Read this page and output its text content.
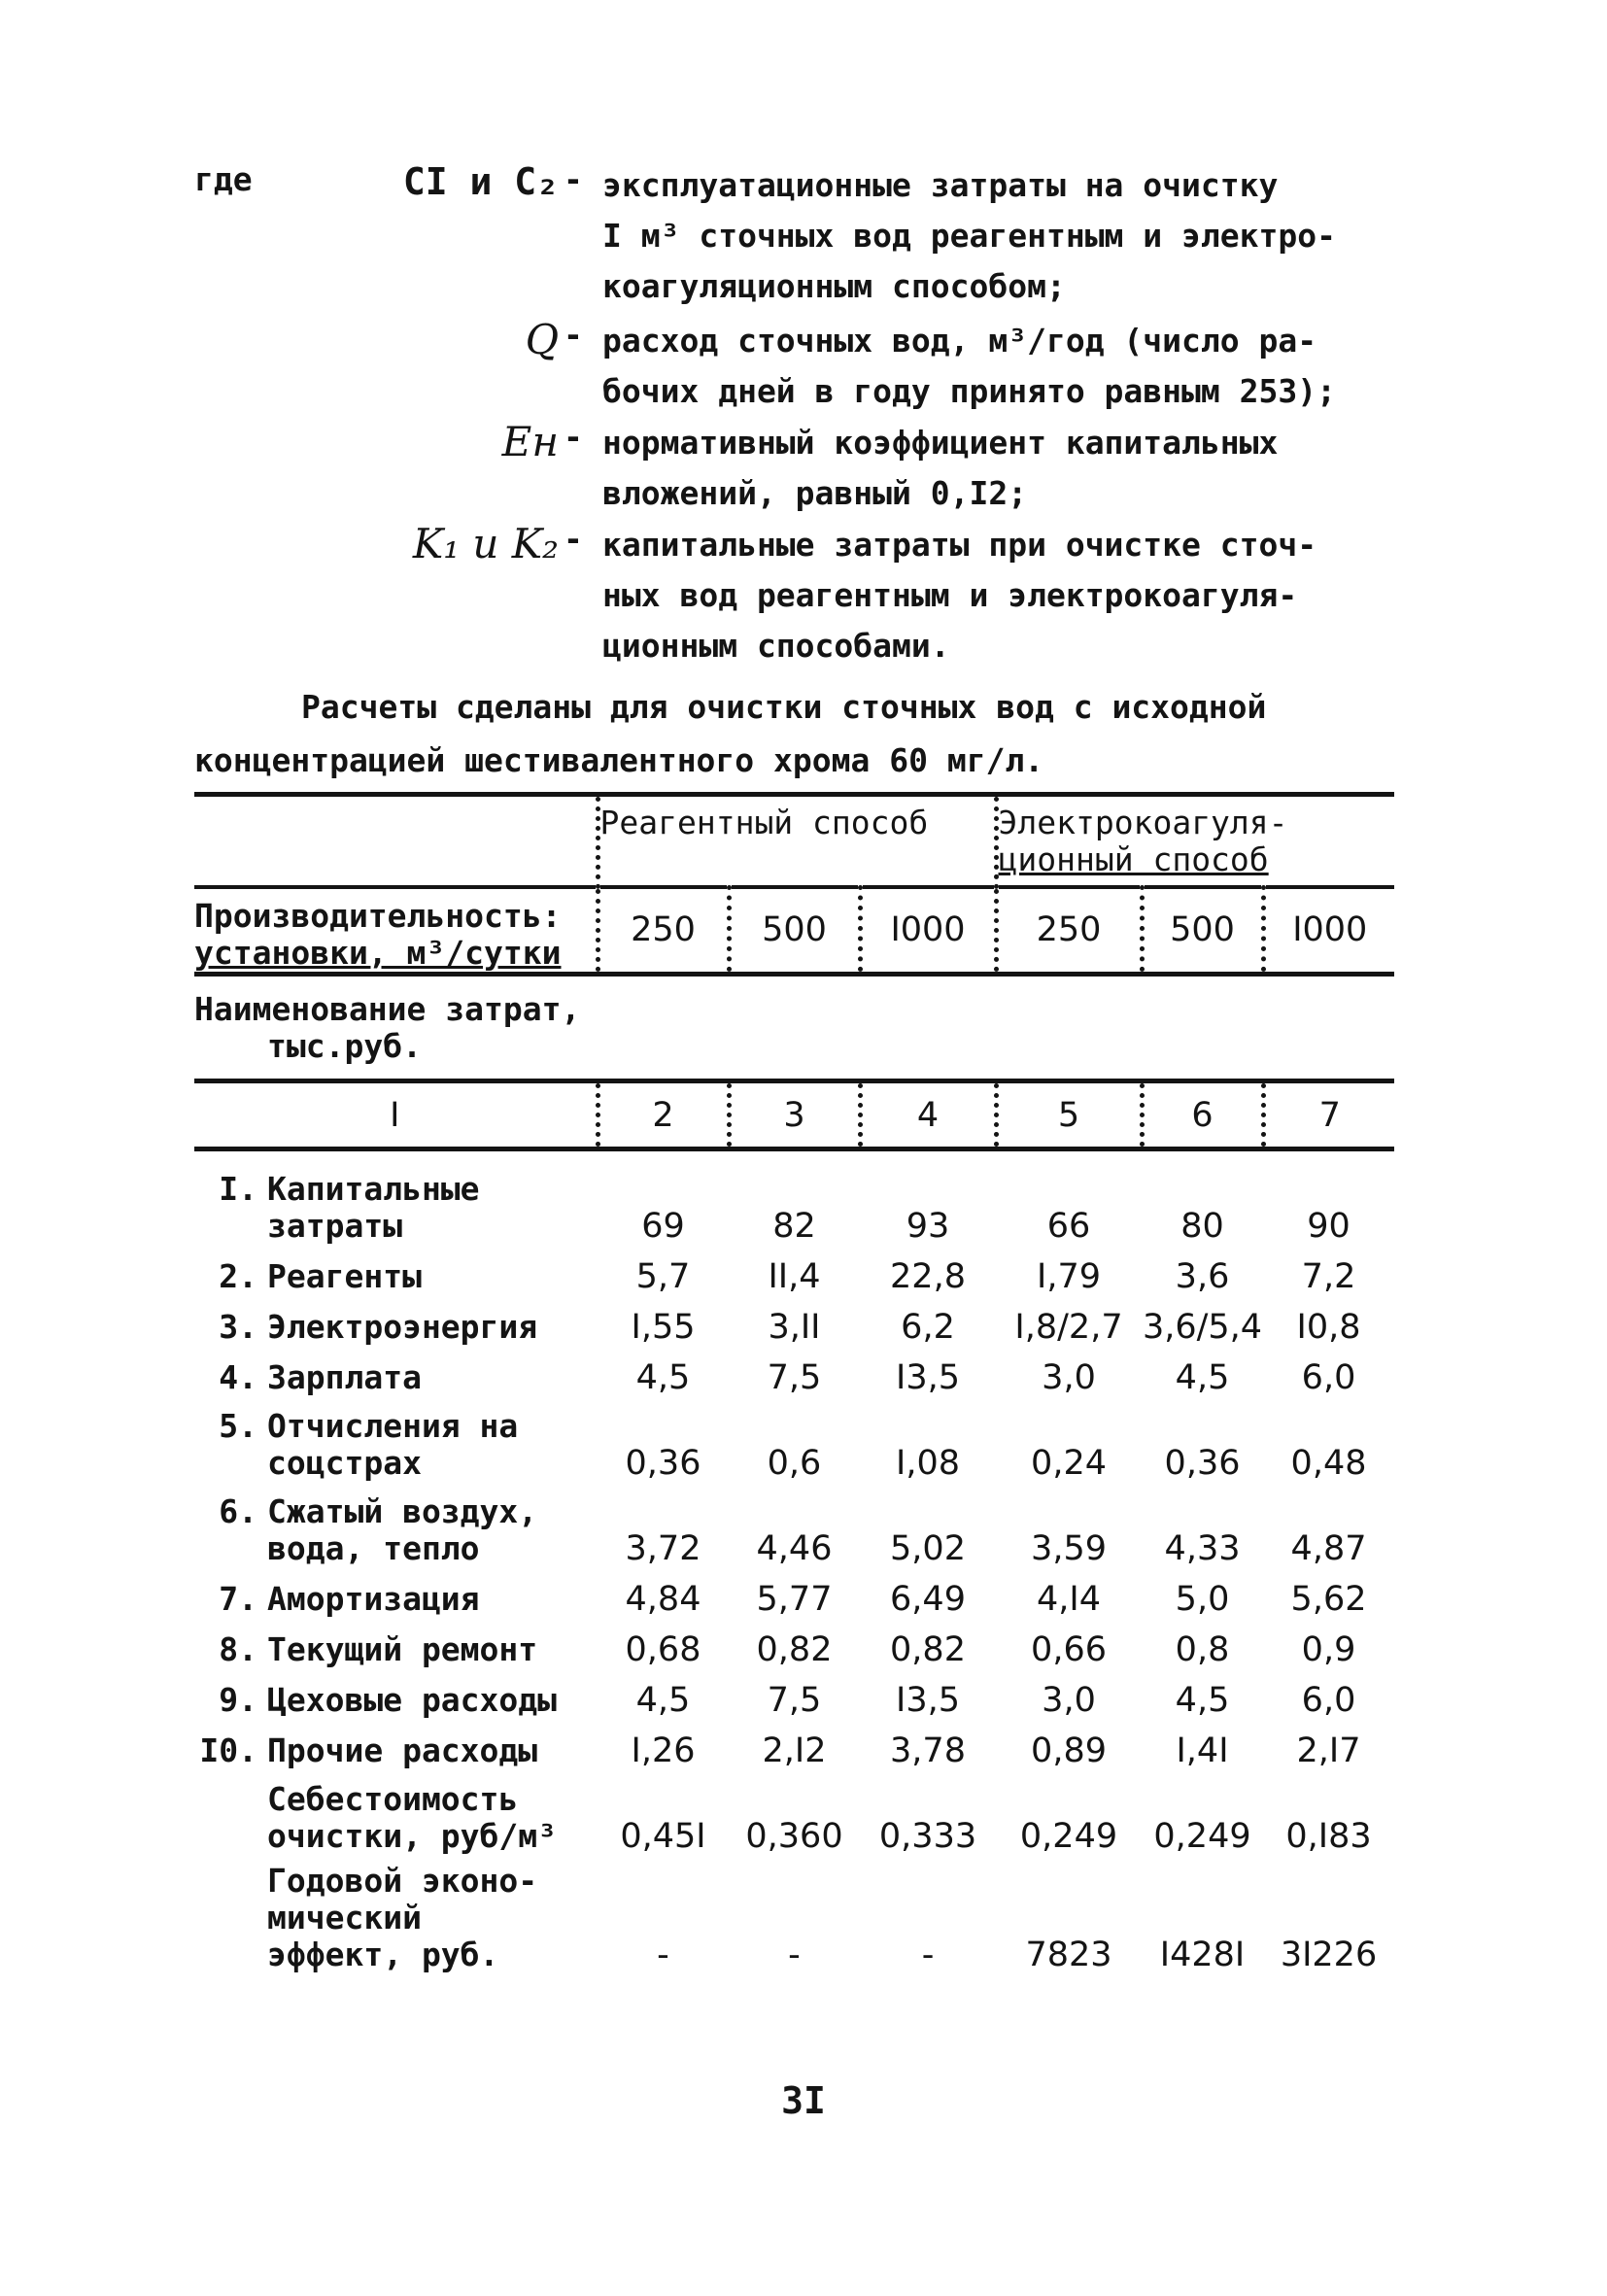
где	CІ и C₂ - эксплуатационные затраты на очистку
I м³ сточных вод реагентным и электро-
коагуляционным способом;
Q - расход сточных вод, м³/год (число ра-
бочих дней в году принято равным 253);
Ен - нормативный коэффициент капитальных
вложений, равный 0,I2;
K₁ и K₂ - капитальные затраты при очистке сточ-
ных вод реагентным и электрокоагуля-
ционным способами.
Расчеты сделаны для очистки сточных вод с исходной
концентрацией шестивалентного хрома 60 мг/л.
	Реагентный способ			Электрокоагуля-
ционный способ		

Производительность:
установки, м³/сутки	250	500	I000	250	500	I000

Наименование затрат,
тыс.руб.						

I	2	3	4	5	6	7

I. Капитальные
затраты	69	82	93	66	80	90

2. Реагенты	5,7	II,4	22,8	I,79	3,6	7,2

3. Электроэнергия	I,55	3,II	6,2	I,8/2,7	3,6/5,4	I0,8

4. Зарплата	4,5	7,5	I3,5	3,0	4,5	6,0

5. Отчисления на
соцстрах	0,36	0,6	I,08	0,24	0,36	0,48

6. Сжатый воздух,
вода, тепло	3,72	4,46	5,02	3,59	4,33	4,87

7. Амортизация	4,84	5,77	6,49	4,I4	5,0	5,62

8. Текущий ремонт	0,68	0,82	0,82	0,66	0,8	0,9

9. Цеховые расходы	4,5	7,5	I3,5	3,0	4,5	6,0

I0. Прочие расходы	I,26	2,I2	3,78	0,89	I,4I	2,I7

Себестоимость
очистки, руб/м³	0,45I	0,360	0,333	0,249	0,249	0,I83

Годовой эконо-
мический
эффект, руб.	-	-	-	7823	I428I	3I226
3I
